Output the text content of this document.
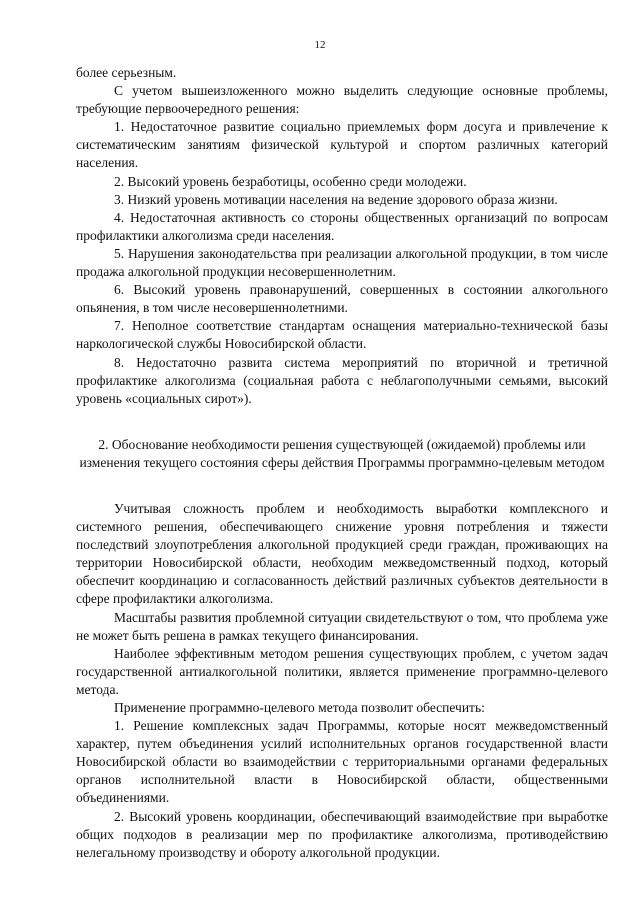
12

более серьезным.

С учетом вышеизложенного можно выделить следующие основные проблемы, требующие первоочередного решения:

1. Недостаточное развитие социально приемлемых форм досуга и привлечение к систематическим занятиям физической культурой и спортом различных категорий населения.

2. Высокий уровень безработицы, особенно среди молодежи.

3. Низкий уровень мотивации населения на ведение здорового образа жизни.

4. Недостаточная активность со стороны общественных организаций по вопросам профилактики алкоголизма среди населения.

5. Нарушения законодательства при реализации алкогольной продукции, в том числе продажа алкогольной продукции несовершеннолетним.

6. Высокий уровень правонарушений, совершенных в состоянии алкогольного опьянения, в том числе несовершеннолетними.

7. Неполное соответствие стандартам оснащения материально-технической базы наркологической службы Новосибирской области.

8. Недостаточно развита система мероприятий по вторичной и третичной профилактике алкоголизма (социальная работа с неблагополучными семьями, высокий уровень «социальных сирот»).

2. Обоснование необходимости решения существующей (ожидаемой) проблемы или изменения текущего состояния сферы действия Программы программно-целевым методом

Учитывая сложность проблем и необходимость выработки комплексного и системного решения, обеспечивающего снижение уровня потребления и тяжести последствий злоупотребления алкогольной продукцией среди граждан, проживающих на территории Новосибирской области, необходим межведомственный подход, который обеспечит координацию и согласованность действий различных субъектов деятельности в сфере профилактики алкоголизма.

Масштабы развития проблемной ситуации свидетельствуют о том, что проблема уже не может быть решена в рамках текущего финансирования.

Наиболее эффективным методом решения существующих проблем, с учетом задач государственной антиалкогольной политики, является применение программно-целевого метода.

Применение программно-целевого метода позволит обеспечить:

1. Решение комплексных задач Программы, которые носят межведомственный характер, путем объединения усилий исполнительных органов государственной власти Новосибирской области во взаимодействии с территориальными органами федеральных органов исполнительной власти в Новосибирской области, общественными объединениями.

2. Высокий уровень координации, обеспечивающий взаимодействие при выработке общих подходов в реализации мер по профилактике алкоголизма, противодействию нелегальному производству и обороту алкогольной продукции.
